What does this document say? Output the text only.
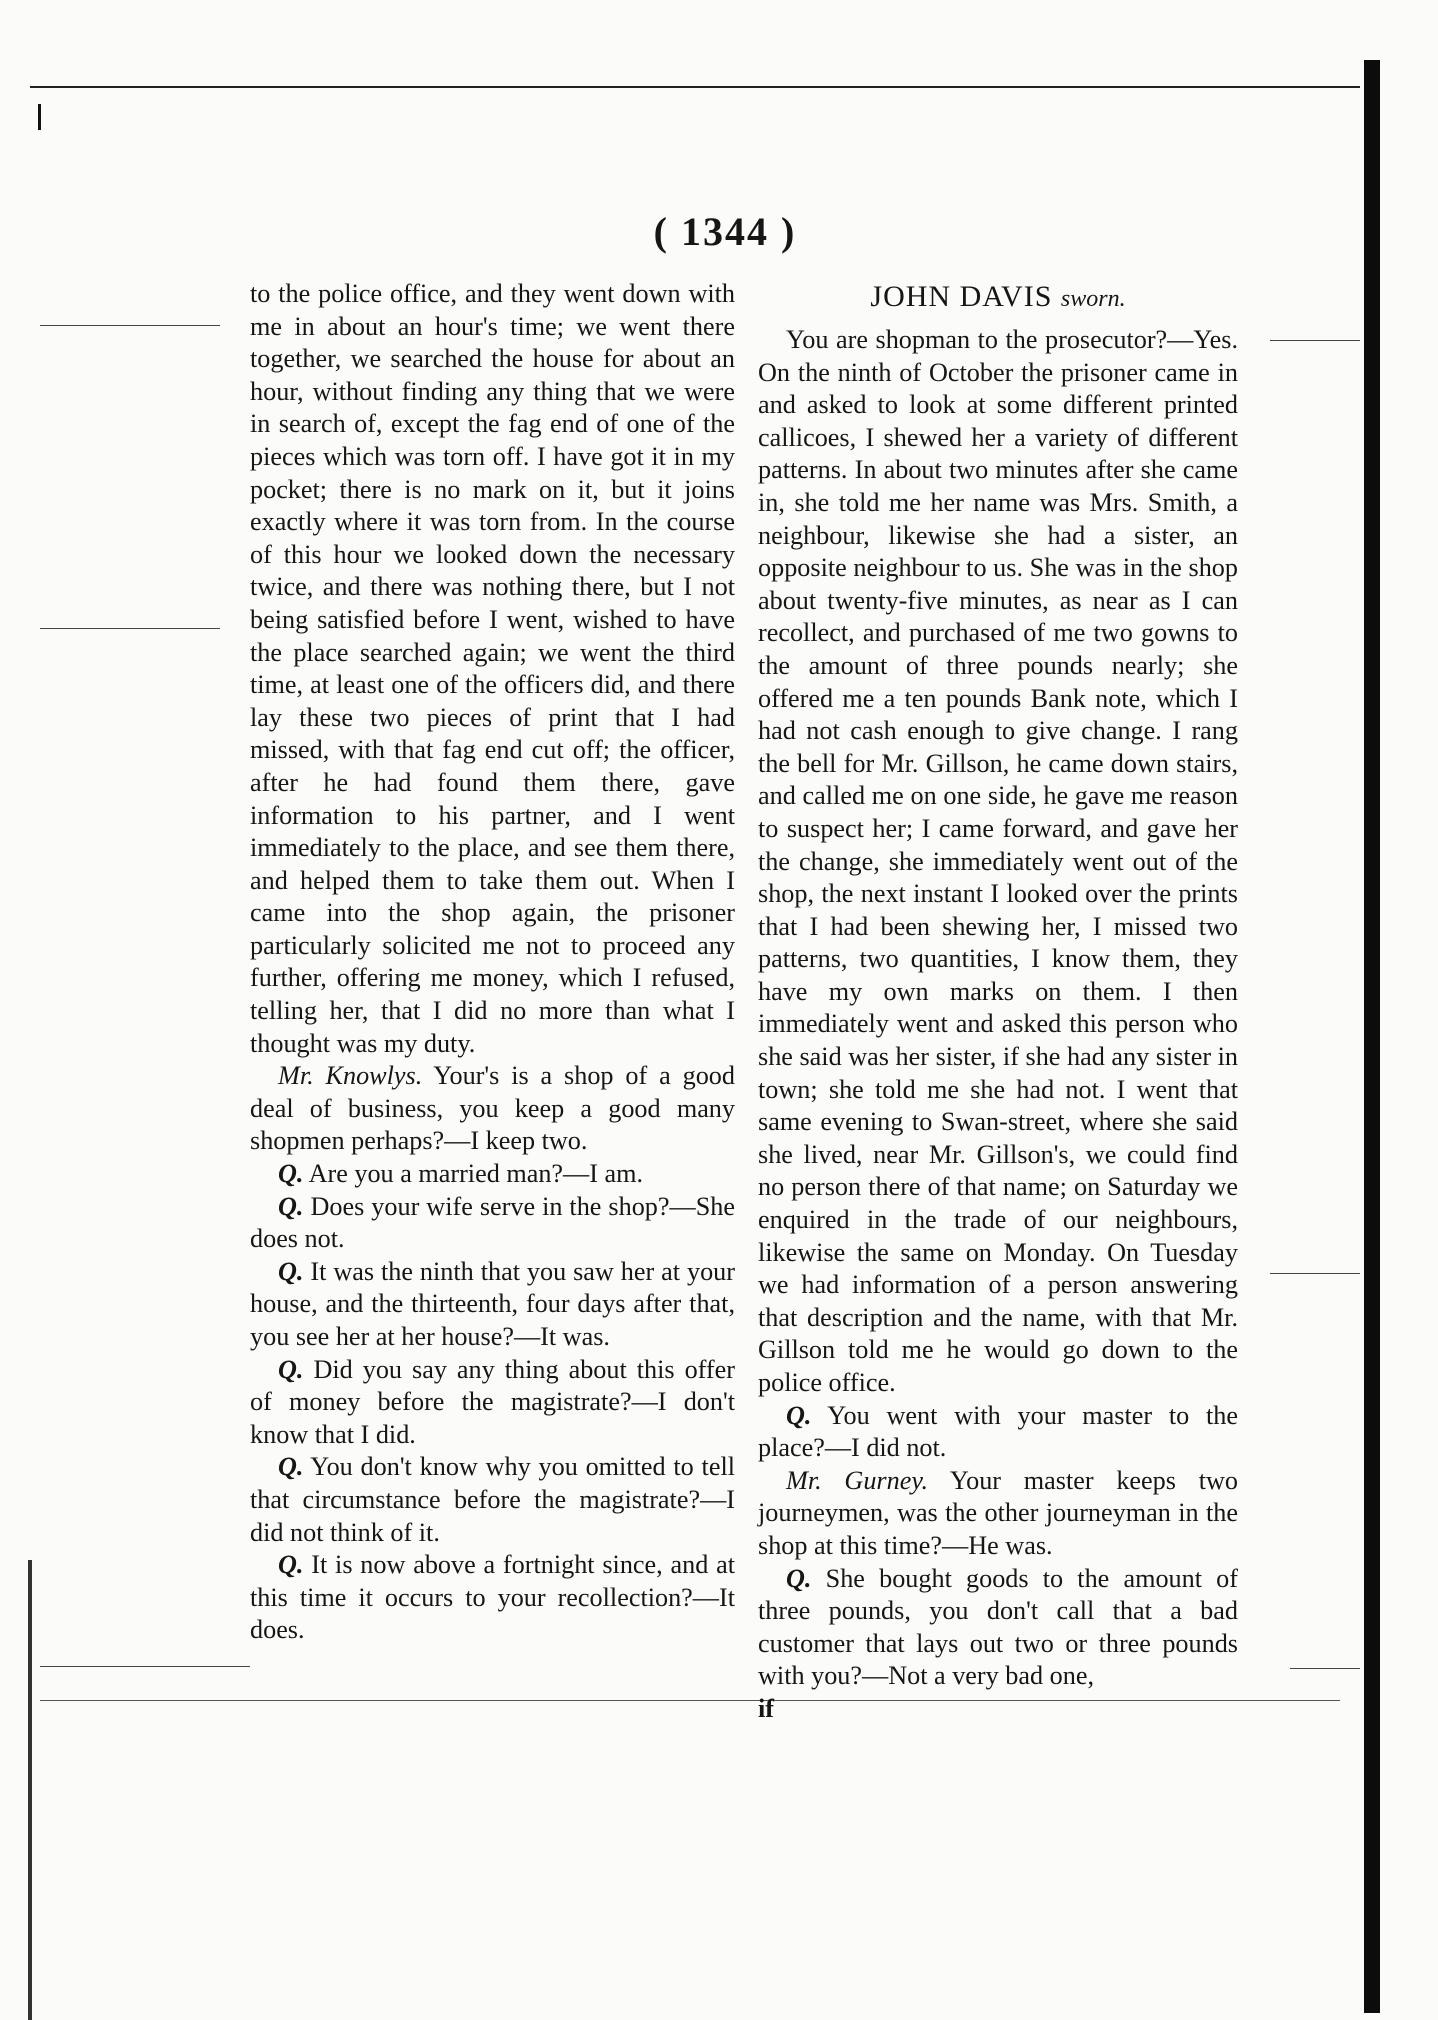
( 1344 )

to the police office, and they went down with me in about an hour's time; we went there together, we searched the house for about an hour, without finding any thing that we were in search of, except the fag end of one of the pieces which was torn off. I have got it in my pocket; there is no mark on it, but it joins exactly where it was torn from. In the course of this hour we looked down the necessary twice, and there was nothing there, but I not being satisfied before I went, wished to have the place searched again; we went the third time, at least one of the officers did, and there lay these two pieces of print that I had missed, with that fag end cut off; the officer, after he had found them there, gave information to his partner, and I went immediately to the place, and see them there, and helped them to take them out. When I came into the shop again, the prisoner particularly solicited me not to proceed any further, offering me money, which I refused, telling her, that I did no more than what I thought was my duty.

Mr. Knowlys. Your's is a shop of a good deal of business, you keep a good many shopmen perhaps?—I keep two.

Q. Are you a married man?—I am.

Q. Does your wife serve in the shop?—She does not.

Q. It was the ninth that you saw her at your house, and the thirteenth, four days after that, you see her at her house?—It was.

Q. Did you say any thing about this offer of money before the magistrate?—I don't know that I did.

Q. You don't know why you omitted to tell that circumstance before the magistrate?—I did not think of it.

Q. It is now above a fortnight since, and at this time it occurs to your recollection?—It does.

JOHN DAVIS sworn.

You are shopman to the prosecutor?—Yes. On the ninth of October the prisoner came in and asked to look at some different printed callicoes, I shewed her a variety of different patterns. In about two minutes after she came in, she told me her name was Mrs. Smith, a neighbour, likewise she had a sister, an opposite neighbour to us. She was in the shop about twenty-five minutes, as near as I can recollect, and purchased of me two gowns to the amount of three pounds nearly; she offered me a ten pounds Bank note, which I had not cash enough to give change. I rang the bell for Mr. Gillson, he came down stairs, and called me on one side, he gave me reason to suspect her; I came forward, and gave her the change, she immediately went out of the shop, the next instant I looked over the prints that I had been shewing her, I missed two patterns, two quantities, I know them, they have my own marks on them. I then immediately went and asked this person who she said was her sister, if she had any sister in town; she told me she had not. I went that same evening to Swan-street, where she said she lived, near Mr. Gillson's, we could find no person there of that name; on Saturday we enquired in the trade of our neighbours, likewise the same on Monday. On Tuesday we had information of a person answering that description and the name, with that Mr. Gillson told me he would go down to the police office.

Q. You went with your master to the place?—I did not.

Mr. Gurney. Your master keeps two journeymen, was the other journeyman in the shop at this time?—He was.

Q. She bought goods to the amount of three pounds, you don't call that a bad customer that lays out two or three pounds with you?—Not a very bad one,

if
